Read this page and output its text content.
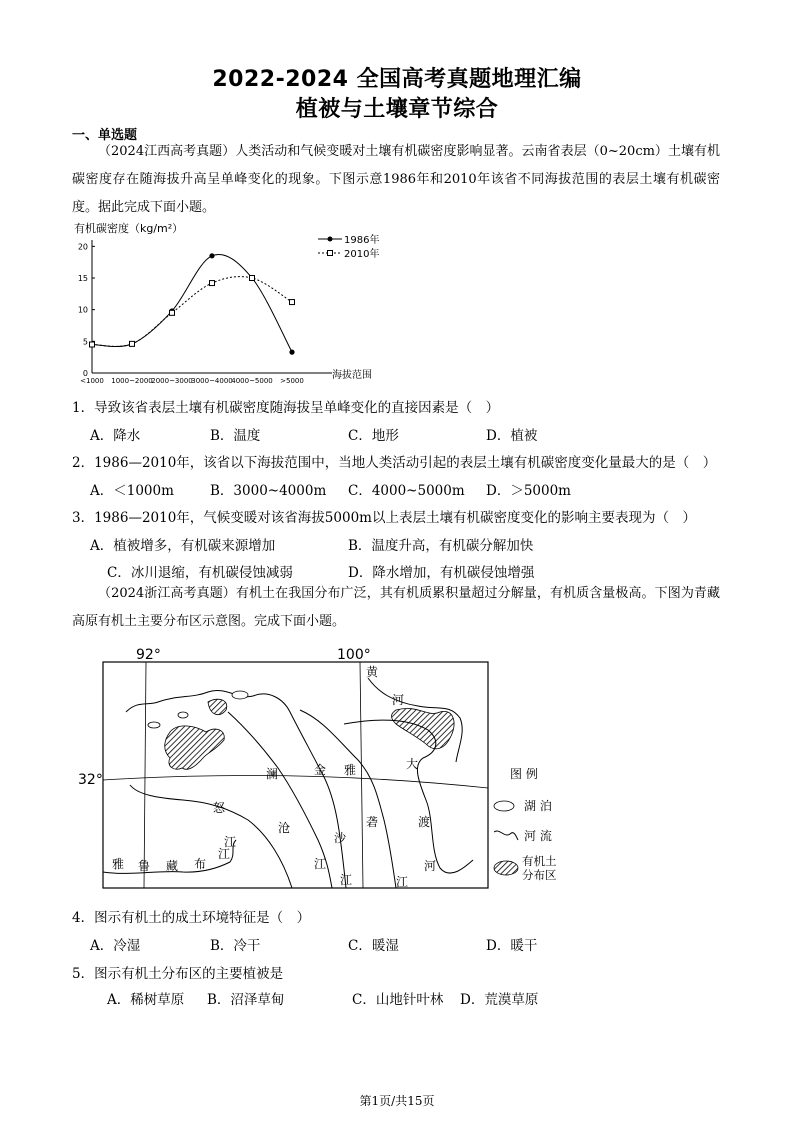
2022-2024 全国高考真题地理汇编
植被与土壤章节综合
一、单选题
（2024江西高考真题）人类活动和气候变暖对土壤有机碳密度影响显著。云南省表层（0~20cm）土壤有机碳密度存在随海拔升高呈单峰变化的现象。下图示意1986年和2010年该省不同海拔范围的表层土壤有机碳密度。据此完成下面小题。
有机碳密度（kg/m²）
0
5
10
15
20
<1000 1000~2000
2000~3000
3000~4000
4000~5000 >5000	海拔范围
1986年
2010年
1．导致该省表层土壤有机碳密度随海拔呈单峰变化的直接因素是（　）
A．降水	B．温度	C．地形	D．植被
2．1986—2010年，该省以下海拔范围中，当地人类活动引起的表层土壤有机碳密度变化量最大的是（　）
A．＜1000m	B．3000~4000m C．4000~5000m D．＞5000m
3．1986—2010年，气候变暖对该省海拔5000m以上表层土壤有机碳密度变化的影响主要表现为（　）
A．植被增多，有机碳来源增加	B．温度升高，有机碳分解加快
C．冰川退缩，有机碳侵蚀减弱	D．降水增加，有机碳侵蚀增强
（2024浙江高考真题）有机土在我国分布广泛，其有机质累积量超过分解量，有机质含量极高。下图为青藏高原有机土主要分布区示意图。完成下面小题。
92°	100°
32°
黄
河
大
渡
河
怒
江
澜
沧
江
金
沙
江
雅
砻
江
雅 鲁 藏 布
江
图 例
湖 泊
河 流
有机土分布区
4．图示有机土的成土环境特征是（　）
A．冷湿	B．冷干	C．暖湿	D．暖干
5．图示有机土分布区的主要植被是
A．稀树草原 B．沼泽草甸	C．山地针叶林 D．荒漠草原
第1页/共15页
